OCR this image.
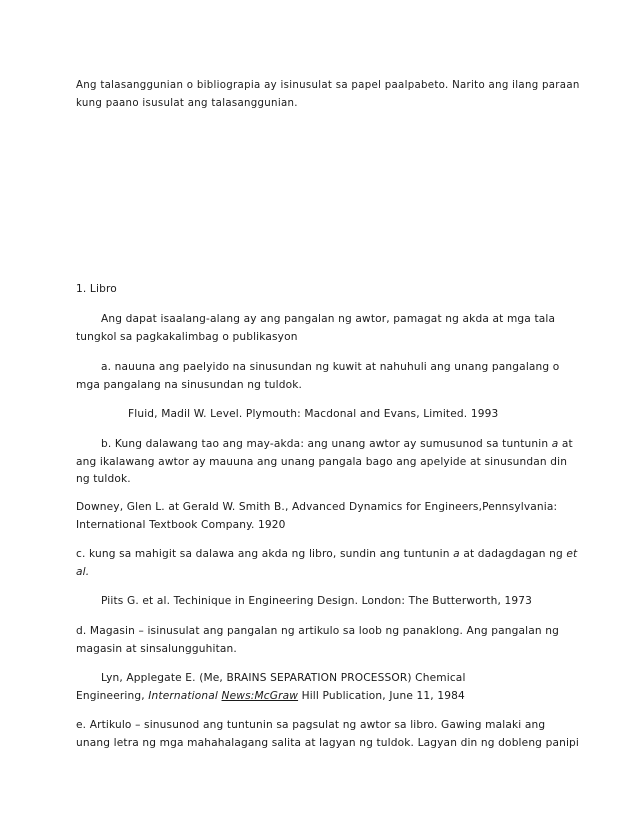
Ang talasanggunian o bibliograpia ay isinusulat sa papel paalpabeto. Narito ang ilang paraan
kung paano isusulat ang talasanggunian.
1. Libro
Ang dapat isaalang-alang ay ang pangalan ng awtor, pamagat ng akda at mga tala
tungkol sa pagkakalimbag o publikasyon
a. nauuna ang paelyido na sinusundan ng kuwit at nahuhuli ang unang pangalang o
mga pangalang na sinusundan ng tuldok.
Fluid, Madil W. Level. Plymouth: Macdonal and Evans, Limited. 1993
b. Kung dalawang tao ang may-akda: ang unang awtor ay sumusunod sa tuntunin a at
ang ikalawang awtor ay mauuna ang unang pangala bago ang apelyide at sinusundan din
ng tuldok.
Downey, Glen L. at Gerald W. Smith B., Advanced Dynamics for Engineers,Pennsylvania:
International Textbook Company. 1920
c. kung sa mahigit sa dalawa ang akda ng libro, sundin ang tuntunin a at dadagdagan ng et
al.
Piits G. et al. Techinique in Engineering Design. London: The Butterworth, 1973
d. Magasin – isinusulat ang pangalan ng artikulo sa loob ng panaklong. Ang pangalan ng
magasin at sinsalungguhitan.
Lyn, Applegate E. (Me, BRAINS SEPARATION PROCESSOR) Chemical
Engineering, International News:McGraw Hill Publication, June 11, 1984
e. Artikulo – sinusunod ang tuntunin sa pagsulat ng awtor sa libro. Gawing malaki ang
unang letra ng mga mahahalagang salita at lagyan ng tuldok. Lagyan din ng dobleng panipi
